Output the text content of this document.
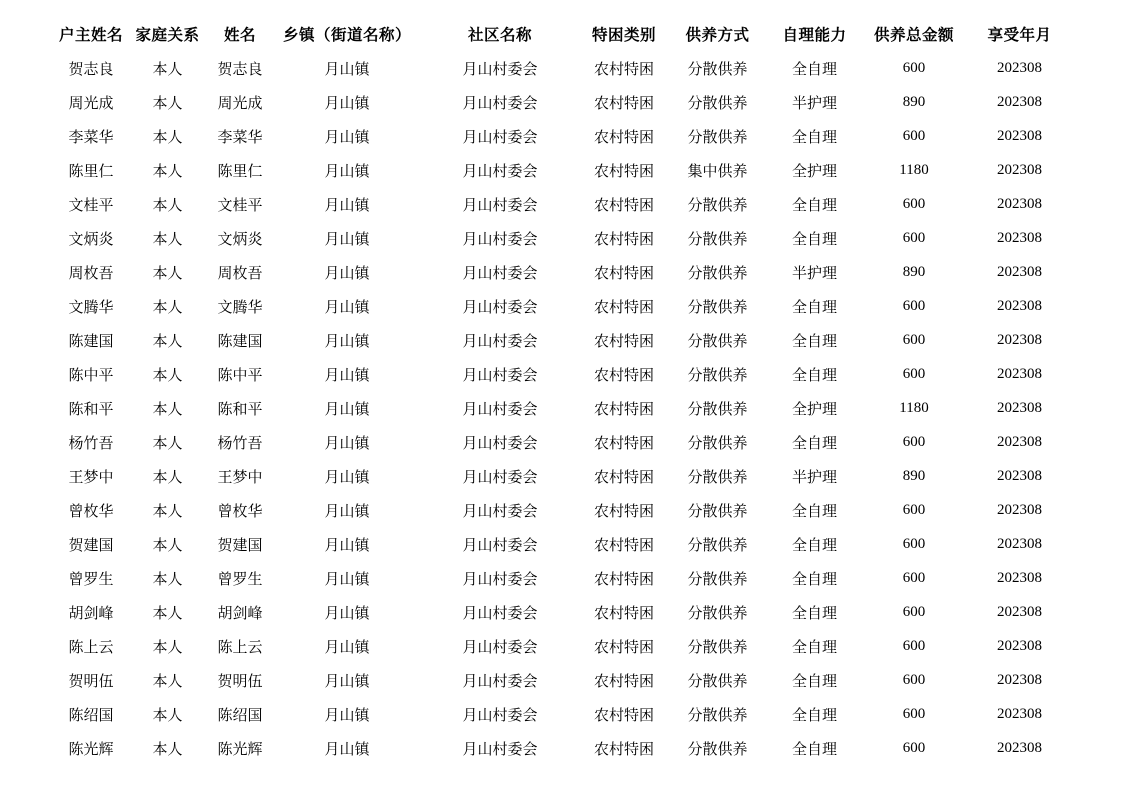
户主姓名	家庭关系	姓名	乡镇（街道名称）	社区名称	特困类别	供养方式	自理能力	供养总金额	享受年月
贺志良	本人	贺志良	月山镇	月山村委会	农村特困	分散供养	全自理	600	202308
周光成	本人	周光成	月山镇	月山村委会	农村特困	分散供养	半护理	890	202308
李菜华	本人	李菜华	月山镇	月山村委会	农村特困	分散供养	全自理	600	202308
陈里仁	本人	陈里仁	月山镇	月山村委会	农村特困	集中供养	全护理	1180	202308
文桂平	本人	文桂平	月山镇	月山村委会	农村特困	分散供养	全自理	600	202308
文炳炎	本人	文炳炎	月山镇	月山村委会	农村特困	分散供养	全自理	600	202308
周枚吾	本人	周枚吾	月山镇	月山村委会	农村特困	分散供养	半护理	890	202308
文腾华	本人	文腾华	月山镇	月山村委会	农村特困	分散供养	全自理	600	202308
陈建国	本人	陈建国	月山镇	月山村委会	农村特困	分散供养	全自理	600	202308
陈中平	本人	陈中平	月山镇	月山村委会	农村特困	分散供养	全自理	600	202308
陈和平	本人	陈和平	月山镇	月山村委会	农村特困	分散供养	全护理	1180	202308
杨竹吾	本人	杨竹吾	月山镇	月山村委会	农村特困	分散供养	全自理	600	202308
王梦中	本人	王梦中	月山镇	月山村委会	农村特困	分散供养	半护理	890	202308
曾枚华	本人	曾枚华	月山镇	月山村委会	农村特困	分散供养	全自理	600	202308
贺建国	本人	贺建国	月山镇	月山村委会	农村特困	分散供养	全自理	600	202308
曾罗生	本人	曾罗生	月山镇	月山村委会	农村特困	分散供养	全自理	600	202308
胡剑峰	本人	胡剑峰	月山镇	月山村委会	农村特困	分散供养	全自理	600	202308
陈上云	本人	陈上云	月山镇	月山村委会	农村特困	分散供养	全自理	600	202308
贺明伍	本人	贺明伍	月山镇	月山村委会	农村特困	分散供养	全自理	600	202308
陈绍国	本人	陈绍国	月山镇	月山村委会	农村特困	分散供养	全自理	600	202308
陈光辉	本人	陈光辉	月山镇	月山村委会	农村特困	分散供养	全自理	600	202308
